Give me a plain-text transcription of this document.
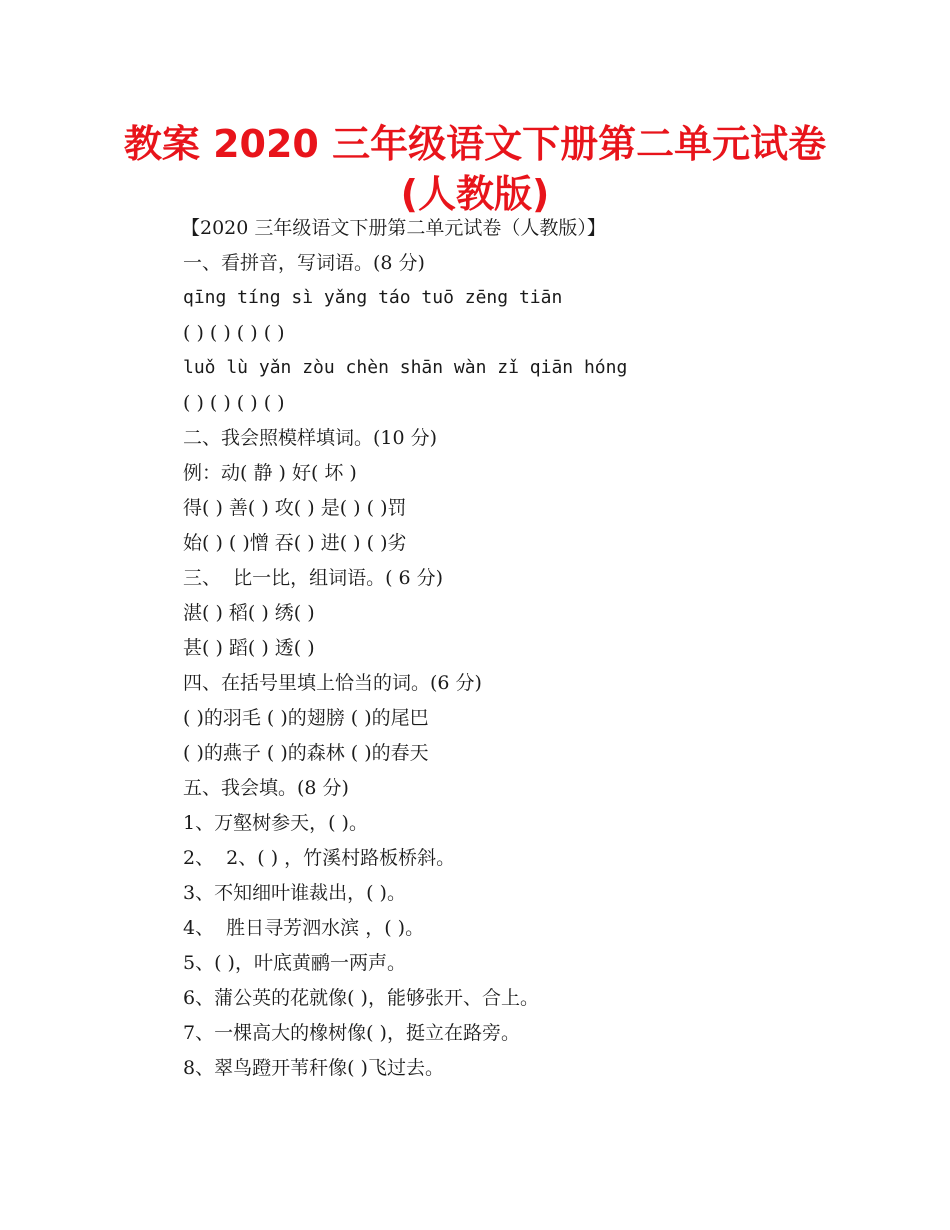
教案 2020 三年级语文下册第二单元试卷
(人教版)
【2020 三年级语文下册第二单元试卷（人教版）】
一、看拼音，写词语。(8 分)
qīng tíng sì yǎng táo tuō zēng tiān
( ) ( ) ( ) ( )
luǒ lù yǎn zòu chèn shān wàn zǐ qiān hóng
( ) ( ) ( ) ( )
二、我会照模样填词。(10 分)
例：动( 静 ) 好( 坏 )
得( ) 善( ) 攻( ) 是( ) ( )罚
始( ) ( )憎 吞( ) 进( ) ( )劣
三、  比一比，组词语。( 6 分)
湛( ) 稻( ) 绣( )
甚( ) 蹈( ) 透( )
四、在括号里填上恰当的词。(6 分)
( )的羽毛 ( )的翅膀 ( )的尾巴
( )的燕子 ( )的森林 ( )的春天
五、我会填。(8 分)
1、万壑树参天，( )。
2、  2、( ) ，竹溪村路板桥斜。
3、不知细叶谁裁出，( )。
4、  胜日寻芳泗水滨 ，( )。
5、( )，叶底黄鹂一两声。
6、蒲公英的花就像( )，能够张开、合上。
7、一棵高大的橡树像( )，挺立在路旁。
8、翠鸟蹬开苇秆像( )飞过去。
